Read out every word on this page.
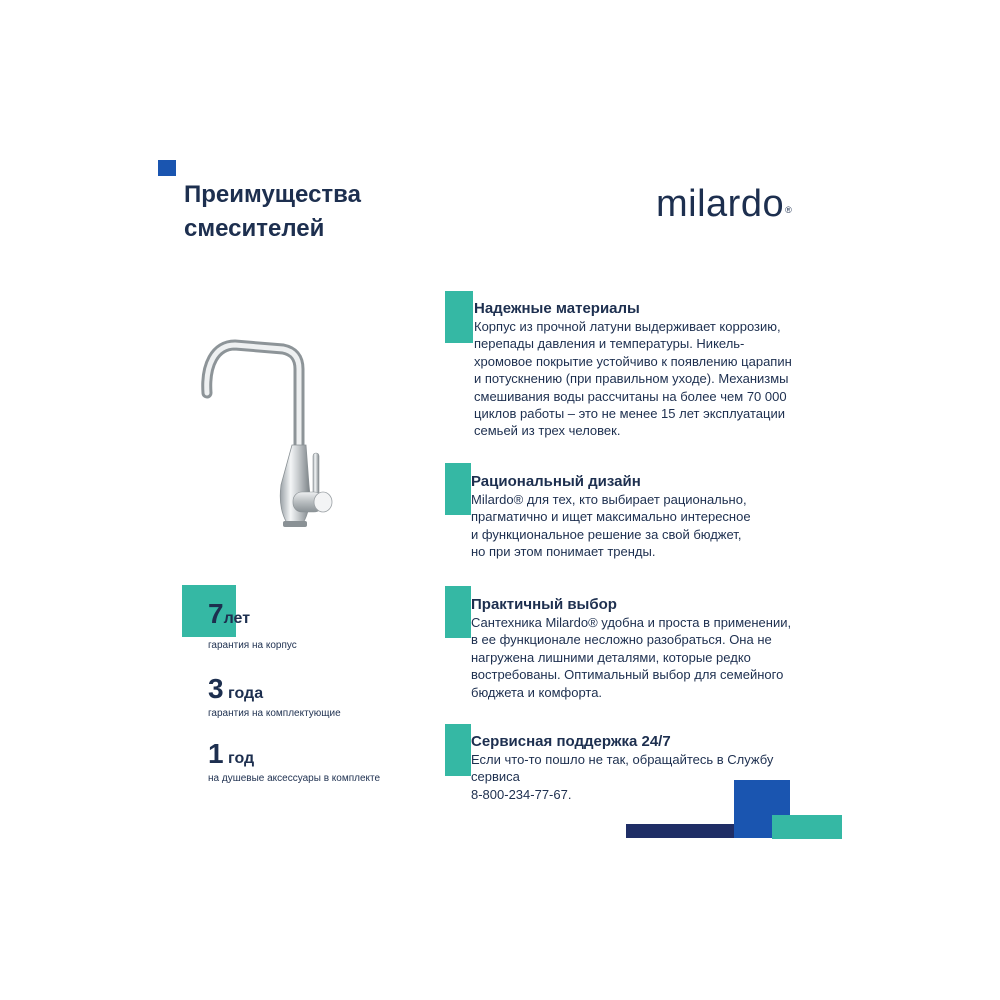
Преимущества
смесителей
milardo®
7лет
гарантия на корпус
3 года
гарантия на комплектующие
1 год
на душевые аксессуары в комплекте
Надежные материалы
Корпус из прочной латуни выдерживает коррозию,
перепады давления и температуры. Никель-
хромовое покрытие устойчиво к появлению царапин
и потускнению (при правильном уходе). Механизмы
смешивания воды рассчитаны на более чем 70 000
циклов работы – это не менее 15 лет эксплуатации
семьей из трех человек.
Рациональный дизайн
Milardo® для тех, кто выбирает рационально,
прагматично и ищет максимально интересное
и функциональное решение за свой бюджет,
но при этом понимает тренды.
Практичный выбор
Сантехника Milardo® удобна и проста в применении,
в ее функционале несложно разобраться. Она не
нагружена лишними деталями, которые редко
востребованы. Оптимальный выбор для семейного
бюджета и комфорта.
Сервисная поддержка 24/7
Если что-то пошло не так, обращайтесь в Службу
сервиса
8-800-234-77-67.
